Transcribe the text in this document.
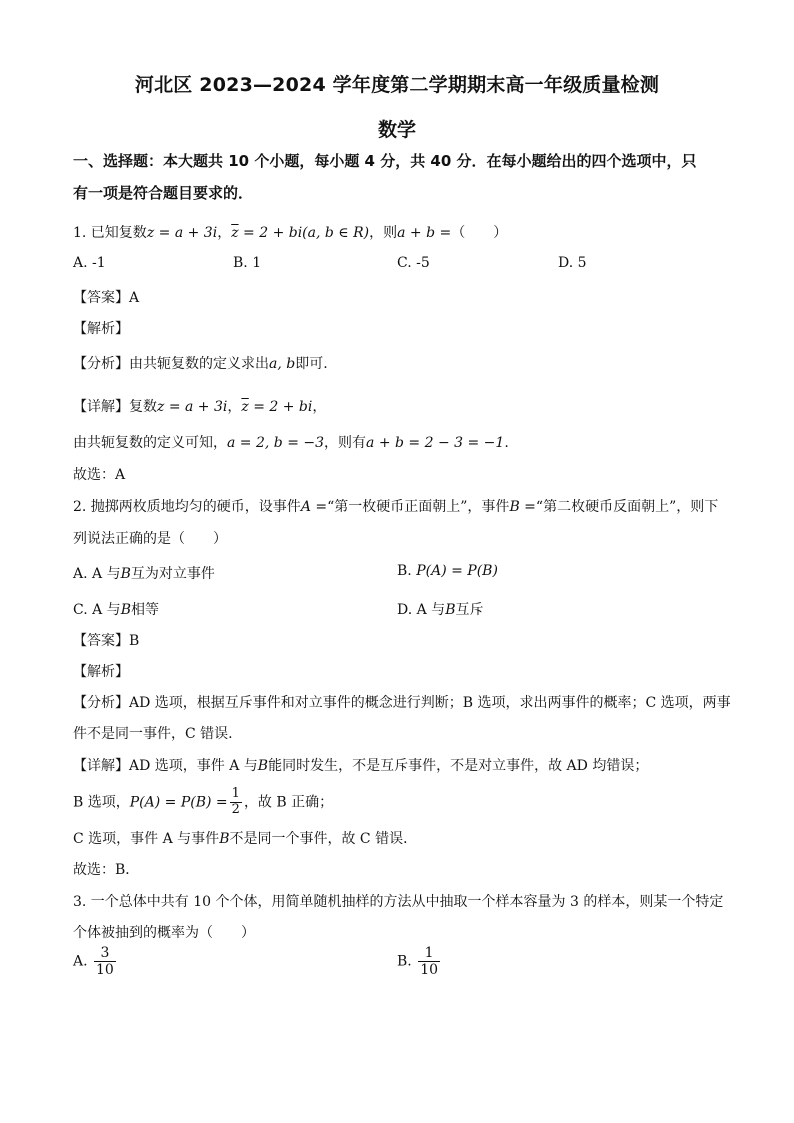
河北区 2023—2024 学年度第二学期期末高一年级质量检测
数学
一、选择题：本大题共 10 个小题，每小题 4 分，共 40 分．在每小题给出的四个选项中，只
有一项是符合题目要求的．
1. 已知复数z = a + 3i，$\overline{z} = 2 + bi(a$, b ∈ R)，则a + b =（　　）
A. -1	B. 1	C. -5	D. 5
【答案】A
【解析】
【分析】由共轭复数的定义求出a, b即可.
【详解】复数z = a + 3i，$\overline{z} = 2$ + bi，
由共轭复数的定义可知，a = 2, b = −3，则有a + b = 2 − 3 = −1.
故选：A
2. 抛掷两枚质地均匀的硬币，设事件A =“第一枚硬币正面朝上”，事件B =“第二枚硬币反面朝上”，则下
列说法正确的是（　　）
A. A 与B互为对立事件	B. P(A) = P(B)
C. A 与B相等	D. A 与B互斥
【答案】B
【解析】
【分析】AD 选项，根据互斥事件和对立事件的概念进行判断；B 选项，求出两事件的概率；C 选项，两事
件不是同一事件，C 错误.
【详解】AD 选项，事件 A 与B能同时发生，不是互斥事件，不是对立事件，故 AD 均错误；
B 选项，$P(A) = P(B) = \frac{1}{2}$ ，故 B 正确；
C 选项，事件 A 与事件B不是同一个事件，故 C 错误．
故选：B．
3. 一个总体中共有 10 个个体，用简单随机抽样的方法从中抽取一个样本容量为 3 的样本，则某一个特定
个体被抽到的概率为（　　）
A. $\frac{3}{10}$	B. $\frac{1}{10}$
